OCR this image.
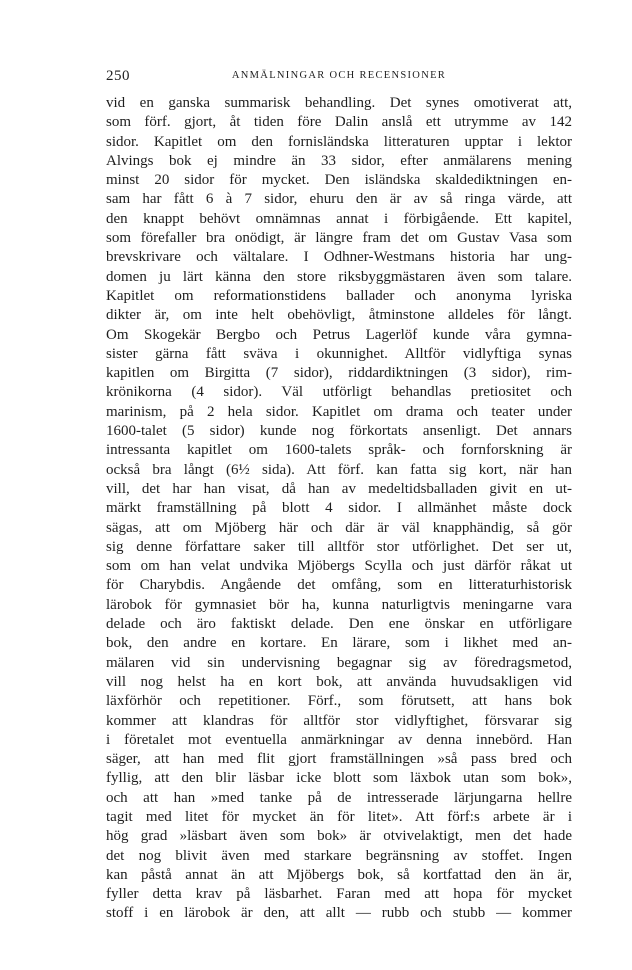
250	ANMÄLNINGAR OCH RECENSIONER
vid en ganska summarisk behandling. Det synes omotiverat att,
som förf. gjort, åt tiden före Dalin anslå ett utrymme av 142
sidor. Kapitlet om den fornisländska litteraturen upptar i lektor
Alvings bok ej mindre än 33 sidor, efter anmälarens mening
minst 20 sidor för mycket. Den isländska skaldediktningen en-
sam har fått 6 à 7 sidor, ehuru den är av så ringa värde, att
den knappt behövt omnämnas annat i förbigående. Ett kapitel,
som förefaller bra onödigt, är längre fram det om Gustav Vasa som
brevskrivare och vältalare. I Odhner-Westmans historia har ung-
domen ju lärt känna den store riksbyggmästaren även som talare.
Kapitlet om reformationstidens ballader och anonyma lyriska
dikter är, om inte helt obehövligt, åtminstone alldeles för långt.
Om Skogekär Bergbo och Petrus Lagerlöf kunde våra gymna-
sister gärna fått sväva i okunnighet. Alltför vidlyftiga synas
kapitlen om Birgitta (7 sidor), riddardiktningen (3 sidor), rim-
krönikorna (4 sidor). Väl utförligt behandlas pretiositet och
marinism, på 2 hela sidor. Kapitlet om drama och teater under
1600-talet (5 sidor) kunde nog förkortats ansenligt. Det annars
intressanta kapitlet om 1600-talets språk- och fornforskning är
också bra långt (6½ sida). Att förf. kan fatta sig kort, när han
vill, det har han visat, då han av medeltidsballaden givit en ut-
märkt framställning på blott 4 sidor. I allmänhet måste dock
sägas, att om Mjöberg här och där är väl knapphändig, så gör
sig denne författare saker till alltför stor utförlighet. Det ser ut,
som om han velat undvika Mjöbergs Scylla och just därför råkat ut
för Charybdis. Angående det omfång, som en litteraturhistorisk
lärobok för gymnasiet bör ha, kunna naturligtvis meningarne vara
delade och äro faktiskt delade. Den ene önskar en utförligare
bok, den andre en kortare. En lärare, som i likhet med an-
mälaren vid sin undervisning begagnar sig av föredragsmetod,
vill nog helst ha en kort bok, att använda huvudsakligen vid
läxförhör och repetitioner. Förf., som förutsett, att hans bok
kommer att klandras för alltför stor vidlyftighet, försvarar sig
i företalet mot eventuella anmärkningar av denna innebörd. Han
säger, att han med flit gjort framställningen »så pass bred och
fyllig, att den blir läsbar icke blott som läxbok utan som bok»,
och att han »med tanke på de intresserade lärjungarna hellre
tagit med litet för mycket än för litet». Att förf:s arbete är i
hög grad »läsbart även som bok» är otvivelaktigt, men det hade
det nog blivit även med starkare begränsning av stoffet. Ingen
kan påstå annat än att Mjöbergs bok, så kortfattad den än är,
fyller detta krav på läsbarhet. Faran med att hopa för mycket
stoff i en lärobok är den, att allt — rubb och stubb — kommer
